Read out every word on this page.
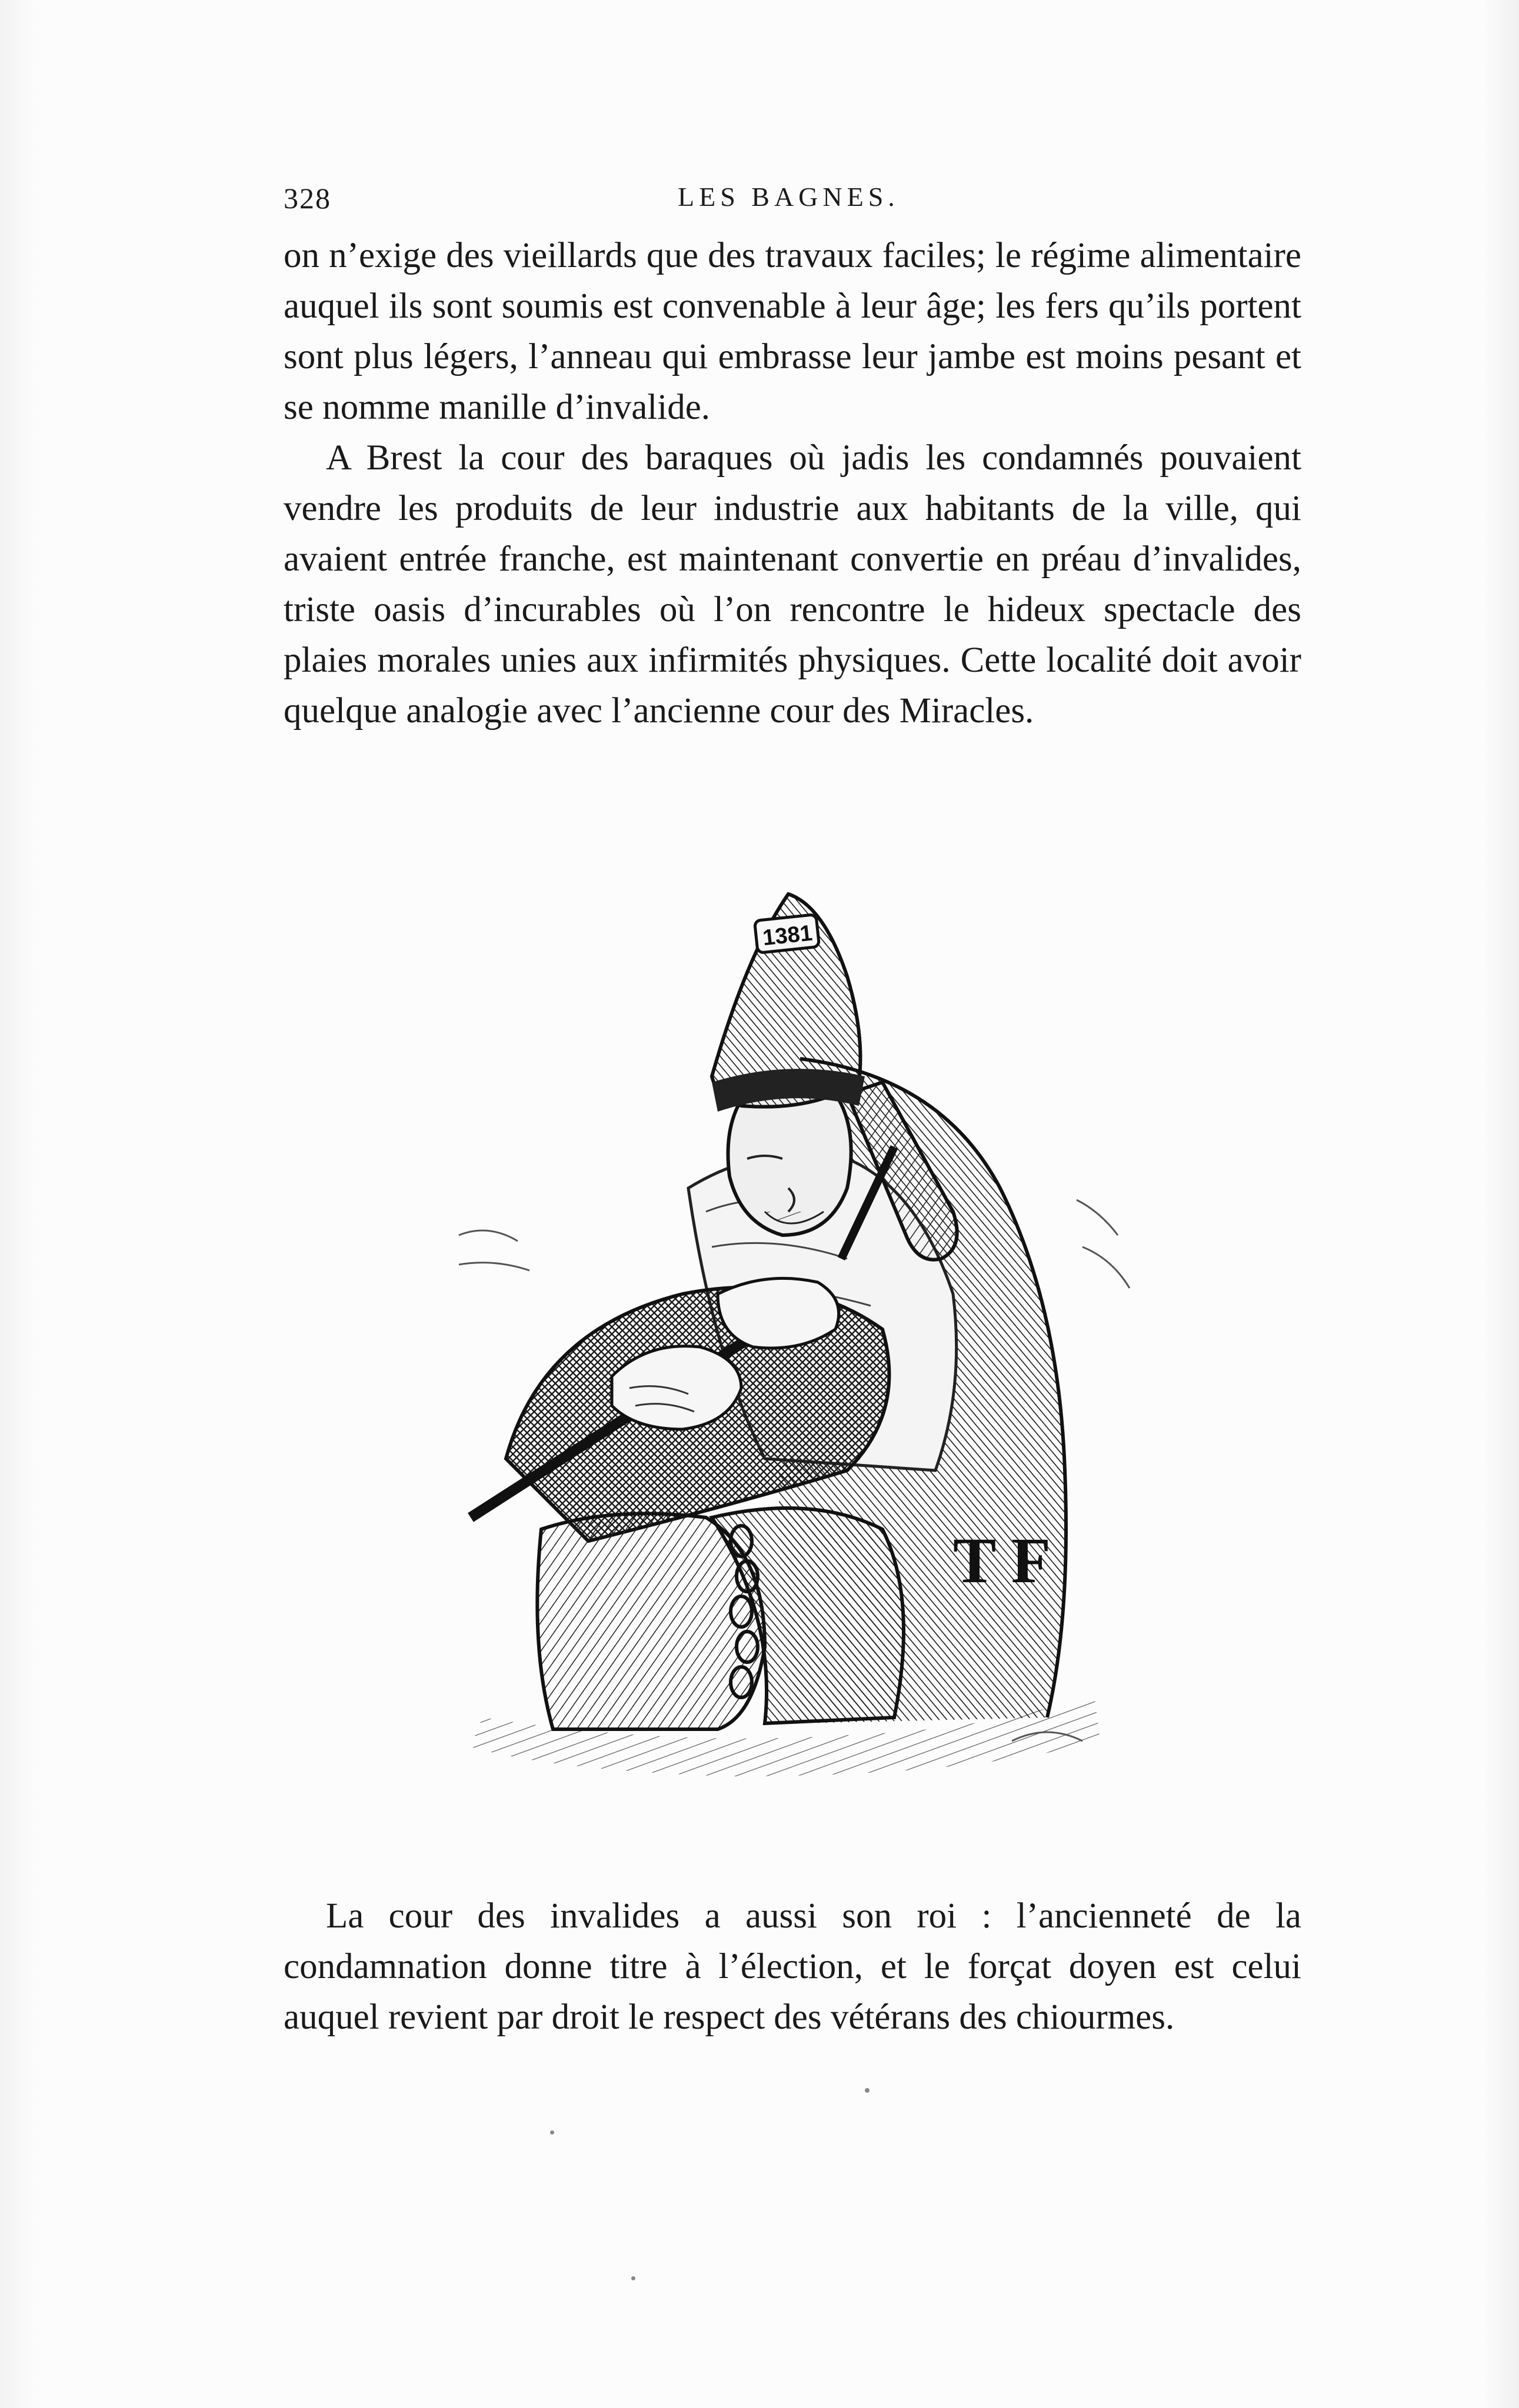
328	LES BAGNES.

on n’exige des vieillards que des travaux faciles; le régime alimentaire auquel ils sont soumis est convenable à leur âge; les fers qu’ils portent sont plus légers, l’anneau qui embrasse leur jambe est moins pesant et se nomme manille d’invalide.

A Brest la cour des baraques où jadis les condamnés pouvaient vendre les produits de leur industrie aux habitants de la ville, qui avaient entrée franche, est maintenant convertie en préau d’invalides, triste oasis d’incurables où l’on rencontre le hideux spectacle des plaies morales unies aux infirmités physiques. Cette localité doit avoir quelque analogie avec l’ancienne cour des Miracles.

T F
1381

La cour des invalides a aussi son roi : l’ancienneté de la condamnation donne titre à l’élection, et le forçat doyen est celui auquel revient par droit le respect des vétérans des chiourmes.
